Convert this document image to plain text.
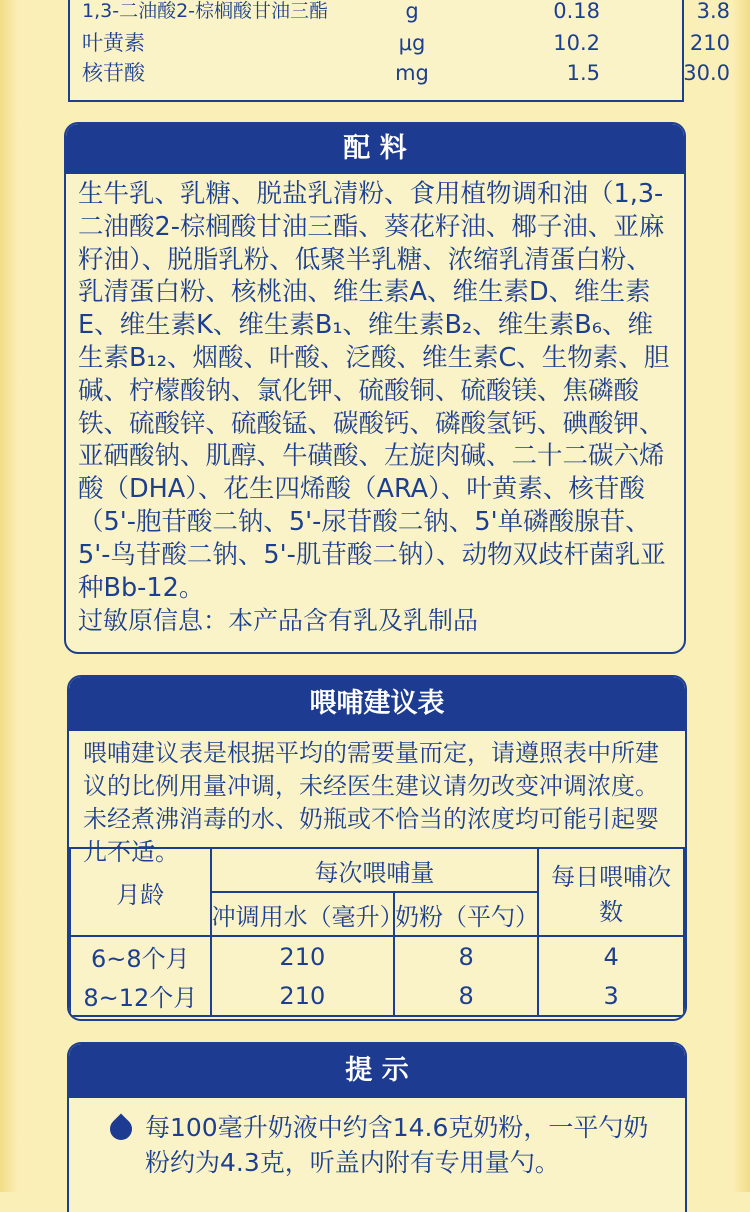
1,3-二油酸2-棕榈酸甘油三酯	g	0.18	3.8
叶黄素	μg	10.2	210
核苷酸	mg	1.5	30.0
配 料
生牛乳、乳糖、脱盐乳清粉、食用植物调和油（1,3-二油酸2-棕榈酸甘油三酯、葵花籽油、椰子油、亚麻籽油）、脱脂乳粉、低聚半乳糖、浓缩乳清蛋白粉、乳清蛋白粉、核桃油、维生素A、维生素D、维生素E、维生素K、维生素B₁、维生素B₂、维生素B₆、维生素B₁₂、烟酸、叶酸、泛酸、维生素C、生物素、胆碱、柠檬酸钠、氯化钾、硫酸铜、硫酸镁、焦磷酸铁、硫酸锌、硫酸锰、碳酸钙、磷酸氢钙、碘酸钾、亚硒酸钠、肌醇、牛磺酸、左旋肉碱、二十二碳六烯酸（DHA）、花生四烯酸（ARA）、叶黄素、核苷酸（5'-胞苷酸二钠、5'-尿苷酸二钠、5'单磷酸腺苷、5'-鸟苷酸二钠、5'-肌苷酸二钠）、动物双歧杆菌乳亚种Bb-12。
过敏原信息：本产品含有乳及乳制品
喂哺建议表
喂哺建议表是根据平均的需要量而定，请遵照表中所建议的比例用量冲调，未经医生建议请勿改变冲调浓度。未经煮沸消毒的水、奶瓶或不恰当的浓度均可能引起婴儿不适。
月龄	每次喂哺量		每日喂哺次数
	冲调用水（毫升）	奶粉（平勺）	
6~8个月	210	8	4
8~12个月	210	8	3
提 示
每100毫升奶液中约含14.6克奶粉，一平勺奶粉约为4.3克，听盖内附有专用量勺。
